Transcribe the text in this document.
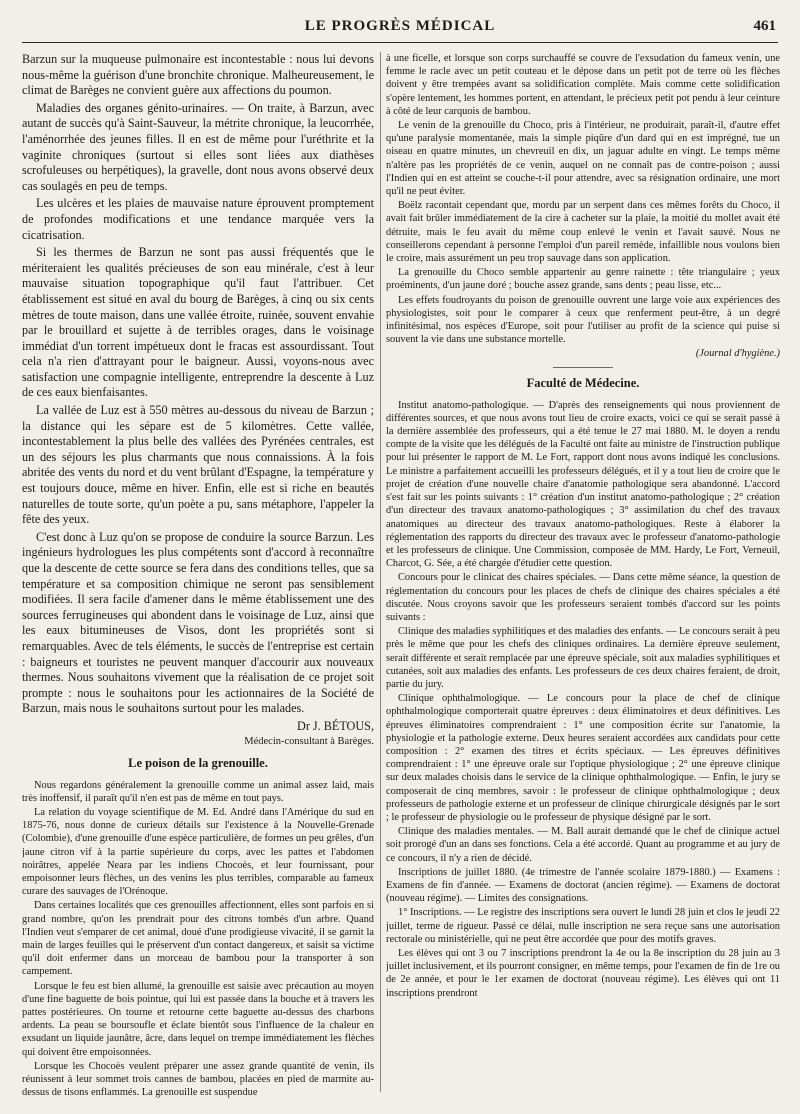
LE PROGRÈS MÉDICAL	461

Barzun sur la muqueuse pulmonaire est incontestable : nous lui devons nous-même la guérison d'une bronchite chronique. Malheureusement, le climat de Barèges ne convient guère aux affections du poumon.

Maladies des organes génito-urinaires. — On traite, à Barzun, avec autant de succès qu'à Saint-Sauveur, la métrite chronique, la leucorrhée, l'aménorrhée des jeunes filles. Il en est de même pour l'uréthrite et la vaginite chroniques (surtout si elles sont liées aux diathèses scrofuleuses ou herpétiques), la gravelle, dont nous avons observé deux cas soulagés en peu de temps.

Les ulcères et les plaies de mauvaise nature éprouvent promptement de profondes modifications et une tendance marquée vers la cicatrisation.

Si les thermes de Barzun ne sont pas aussi fréquentés que le mériteraient les qualités précieuses de son eau minérale, c'est à leur mauvaise situation topographique qu'il faut l'attribuer. Cet établissement est situé en aval du bourg de Barèges, à cinq ou six cents mètres de toute maison, dans une vallée étroite, ruinée, souvent envahie par le brouillard et sujette à de terribles orages, dans le voisinage immédiat d'un torrent impétueux dont le fracas est assourdissant. Tout cela n'a rien d'attrayant pour le baigneur. Aussi, voyons-nous avec satisfaction une compagnie intelligente, entreprendre la descente à Luz de ces eaux bienfaisantes.

La vallée de Luz est à 550 mètres au-dessous du niveau de Barzun ; la distance qui les sépare est de 5 kilomètres. Cette vallée, incontestablement la plus belle des vallées des Pyrénées centrales, est un des séjours les plus charmants que nous connaissions. À la fois abritée des vents du nord et du vent brûlant d'Espagne, la température y est toujours douce, même en hiver. Enfin, elle est si riche en beautés naturelles de toute sorte, qu'un poète a pu, sans métaphore, l'appeler la fête des yeux.

C'est donc à Luz qu'on se propose de conduire la source Barzun. Les ingénieurs hydrologues les plus compétents sont d'accord à reconnaître que la descente de cette source se fera dans des conditions telles, que sa température et sa composition chimique ne seront pas sensiblement modifiées. Il sera facile d'amener dans le même établissement une des sources ferrugineuses qui abondent dans le voisinage de Luz, ainsi que les eaux bitumineuses de Visos, dont les propriétés sont si remarquables. Avec de tels éléments, le succès de l'entreprise est certain : baigneurs et touristes ne peuvent manquer d'accourir aux nouveaux thermes. Nous souhaitons vivement que la réalisation de ce projet soit prompte : nous le souhaitons pour les actionnaires de la Société de Barzun, mais nous le souhaitons surtout pour les malades.

Dr J. BÉTOUS,

Médecin-consultant à Barèges.

Le poison de la grenouille.

Nous regardons généralement la grenouille comme un animal assez laid, mais très inoffensif, il paraît qu'il n'en est pas de même en tout pays.

La relation du voyage scientifique de M. Ed. André dans l'Amérique du sud en 1875-76, nous donne de curieux détails sur l'existence à la Nouvelle-Grenade (Colombie), d'une grenouille d'une espèce particulière, de formes un peu grêles, d'un jaune citron vif à la partie supérieure du corps, avec les pattes et l'abdomen noirâtres, appelée Neara par les indiens Chocoès, et leur fournissant, pour empoisonner leurs flèches, un des venins les plus terribles, comparable au fameux curare des sauvages de l'Orénoque.

Dans certaines localités que ces grenouilles affectionnent, elles sont parfois en si grand nombre, qu'on les prendrait pour des citrons tombés d'un arbre. Quand l'Indien veut s'emparer de cet animal, doué d'une prodigieuse vivacité, il se garnit la main de larges feuilles qui le préservent d'un contact dangereux, et saisit sa victime qu'il doit enfermer dans un morceau de bambou pour la transporter à son campement.

Lorsque le feu est bien allumé, la grenouille est saisie avec précaution au moyen d'une fine baguette de bois pointue, qui lui est passée dans la bouche et à travers les pattes postérieures. On tourne et retourne cette baguette au-dessus des charbons ardents. La peau se boursoufle et éclate bientôt sous l'influence de la chaleur en exsudant un liquide jaunâtre, âcre, dans lequel on trempe immédiatement les flèches qui doivent être empoisonnées.

Lorsque les Chocoès veulent préparer une assez grande quantité de venin, ils réunissent à leur sommet trois cannes de bambou, placées en pied de marmite au-dessus de tisons enflammés. La grenouille est suspendue

à une ficelle, et lorsque son corps surchauffé se couvre de l'exsudation du fameux venin, une femme le racle avec un petit couteau et le dépose dans un petit pot de terre où les flèches doivent y être trempées avant sa solidification complète. Mais comme cette solidification s'opère lentement, les hommes portent, en attendant, le précieux petit pot pendu à leur ceinture à côté de leur carquois de bambou.

Le venin de la grenouille du Choco, pris à l'intérieur, ne produirait, paraît-il, d'autre effet qu'une paralysie momentanée, mais la simple piqûre d'un dard qui en est imprégné, tue un oiseau en quatre minutes, un chevreuil en dix, un jaguar adulte en vingt. Le temps même n'altère pas les propriétés de ce venin, auquel on ne connaît pas de contre-poison ; aussi l'Indien qui en est atteint se couche-t-il pour attendre, avec sa résignation ordinaire, une mort qu'il ne peut éviter.

Boëlz racontait cependant que, mordu par un serpent dans ces mêmes forêts du Choco, il avait fait brûler immédiatement de la cire à cacheter sur la plaie, la moitié du mollet avait été détruite, mais le feu avait du même coup enlevé le venin et l'avait sauvé. Nous ne conseillerons cependant à personne l'emploi d'un pareil remède, infaillible nous voulons bien le croire, mais assurément un peu trop sauvage dans son application.

La grenouille du Choco semble appartenir au genre rainette : tête triangulaire ; yeux proéminents, d'un jaune doré ; bouche assez grande, sans dents ; peau lisse, etc...

Les effets foudroyants du poison de grenouille ouvrent une large voie aux expériences des physiologistes, soit pour le comparer à ceux que renferment peut-être, à un degré infinitésimal, nos espèces d'Europe, soit pour l'utiliser au profit de la science qui puise si souvent la vie dans une substance mortelle.

(Journal d'hygiène.)

Faculté de Médecine.

Institut anatomo-pathologique. — D'après des renseignements qui nous proviennent de différentes sources, et que nous avons tout lieu de croire exacts, voici ce qui se serait passé à la dernière assemblée des professeurs, qui a été tenue le 27 mai 1880. M. le doyen a rendu compte de la visite que les délégués de la Faculté ont faite au ministre de l'instruction publique pour lui présenter le rapport de M. Le Fort, rapport dont nous avons indiqué les conclusions. Le ministre a parfaitement accueilli les professeurs délégués, et il y a tout lieu de croire que le projet de création d'une nouvelle chaire d'anatomie pathologique sera abandonné. L'accord s'est fait sur les points suivants : 1° création d'un institut anatomo-pathologique ; 2° création d'un directeur des travaux anatomo-pathologiques ; 3° assimilation du chef des travaux anatomiques au directeur des travaux anatomo-pathologiques. Reste à élaborer la réglementation des rapports du directeur des travaux avec le professeur d'anatomo-pathologie et les professeurs de clinique. Une Commission, composée de MM. Hardy, Le Fort, Verneuil, Charcot, G. Sée, a été chargée d'étudier cette question.

Concours pour le clinicat des chaires spéciales. — Dans cette même séance, la question de réglementation du concours pour les places de chefs de clinique des chaires spéciales a été discutée. Nous croyons savoir que les professeurs seraient tombés d'accord sur les points suivants :

Clinique des maladies syphilitiques et des maladies des enfants. — Le concours serait à peu près le même que pour les chefs des cliniques ordinaires. La dernière épreuve seulement, serait différente et serait remplacée par une épreuve spéciale, soit aux maladies syphilitiques et cutanées, soit aux maladies des enfants. Les professeurs de ces deux chaires feraient, de droit, partie du jury.

Clinique ophthalmologique. — Le concours pour la place de chef de clinique ophthalmologique comporterait quatre épreuves : deux éliminatoires et deux définitives. Les épreuves éliminatoires comprendraient : 1° une composition écrite sur l'anatomie, la physiologie et la pathologie externe. Deux heures seraient accordées aux candidats pour cette composition : 2° examen des titres et écrits spéciaux. — Les épreuves définitives comprendraient : 1° une épreuve orale sur l'optique physiologique ; 2° une épreuve clinique sur deux malades choisis dans le service de la clinique ophthalmologique. — Enfin, le jury se composerait de cinq membres, savoir : le professeur de clinique ophthalmologique ; deux professeurs de pathologie externe et un professeur de clinique chirurgicale désignés par le sort ; le professeur de physiologie ou le professeur de physique désigné par le sort.

Clinique des maladies mentales. — M. Ball aurait demandé que le chef de clinique actuel soit prorogé d'un an dans ses fonctions. Cela a été accordé. Quant au programme et au jury de ce concours, il n'y a rien de décidé.

Inscriptions de juillet 1880. (4e trimestre de l'année scolaire 1879-1880.) — Examens : Examens de fin d'année. — Examens de doctorat (ancien régime). — Examens de doctorat (nouveau régime). — Limites des consignations.

1° Inscriptions. — Le registre des inscriptions sera ouvert le lundi 28 juin et clos le jeudi 22 juillet, terme de rigueur. Passé ce délai, nulle inscription ne sera reçue sans une autorisation rectorale ou ministérielle, qui ne peut être accordée que pour des motifs graves.

Les élèves qui ont 3 ou 7 inscriptions prendront la 4e ou la 8e inscription du 28 juin au 3 juillet inclusivement, et ils pourront consigner, en même temps, pour l'examen de fin de 1re ou de 2e année, et pour le 1er examen de doctorat (nouveau régime). Les élèves qui ont 11 inscriptions prendront
